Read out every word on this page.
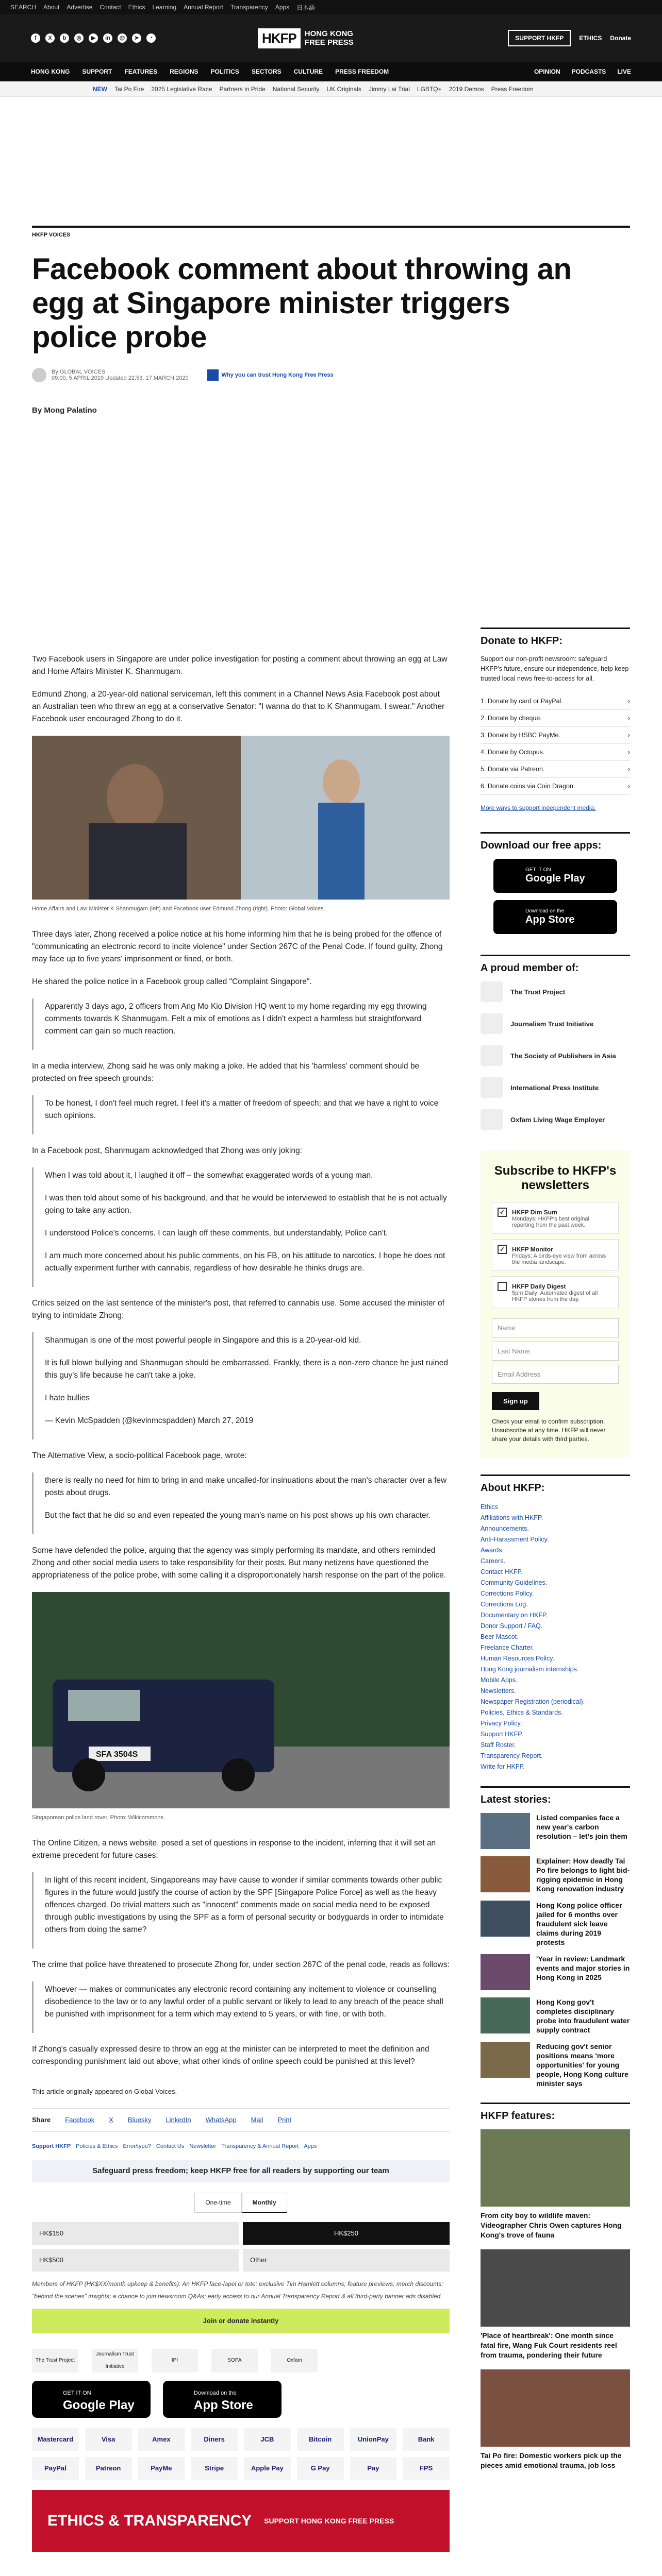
SEARCH About Advertise Contact Ethics Learning Annual Report Transparency Apps 日本語
f	X	b	◎	▶	in	@	➤	◔	HKFP	HONG KONG
FREE PRESS	SUPPORT HKFP	ETHICS Donate
HONG KONG SUPPORT FEATURES REGIONS POLITICS SECTORS CULTURE PRESS FREEDOM	OPINION PODCASTS LIVE
NEW Tai Po Fire 2025 Legislative Race Partners in Pride National Security UK Originals Jimmy Lai Trial LGBTQ+ 2019 Demos Press Freedom
HKFP VOICES
Facebook comment about throwing an egg at Singapore minister triggers police probe
By GLOBAL VOICES
09:00, 5 APRIL 2019 Updated 22:53, 17 MARCH 2020	Why you can trust Hong Kong Free Press
By Mong Palatino

Two Facebook users in Singapore are under police investigation for posting a comment about throwing an egg at Law and Home Affairs Minister K. Shanmugam.

Edmund Zhong, a 20-year-old national serviceman, left this comment in a Channel News Asia Facebook post about an Australian teen who threw an egg at a conservative Senator: "I wanna do that to K Shanmugam. I swear." Another Facebook user encouraged Zhong to do it.

Home Affairs and Law Minister K Shanmugam (left) and Facebook user Edmund Zhong (right). Photo: Global Voices.

Three days later, Zhong received a police notice at his home informing him that he is being probed for the offence of "communicating an electronic record to incite violence" under Section 267C of the Penal Code. If found guilty, Zhong may face up to five years' imprisonment or fined, or both.

He shared the police notice in a Facebook group called "Complaint Singapore".

Apparently 3 days ago, 2 officers from Ang Mo Kio Division HQ went to my home regarding my egg throwing comments towards K Shanmugam. Felt a mix of emotions as I didn't expect a harmless but straightforward comment can gain so much reaction.

In a media interview, Zhong said he was only making a joke. He added that his 'harmless' comment should be protected on free speech grounds:

To be honest, I don't feel much regret. I feel it's a matter of freedom of speech; and that we have a right to voice such opinions.

In a Facebook post, Shanmugam acknowledged that Zhong was only joking:

When I was told about it, I laughed it off – the somewhat exaggerated words of a young man.

I was then told about some of his background, and that he would be interviewed to establish that he is not actually going to take any action.

I understood Police's concerns. I can laugh off these comments, but understandably, Police can't.

I am much more concerned about his public comments, on his FB, on his attitude to narcotics. I hope he does not actually experiment further with cannabis, regardless of how desirable he thinks drugs are.

Critics seized on the last sentence of the minister's post, that referred to cannabis use. Some accused the minister of trying to intimidate Zhong:

Shanmugan is one of the most powerful people in Singapore and this is a 20-year-old kid.

It is full blown bullying and Shanmugan should be embarrassed. Frankly, there is a non-zero chance he just ruined this guy's life because he can't take a joke.

I hate bullies

— Kevin McSpadden (@kevinmcspadden) March 27, 2019

The Alternative View, a socio-political Facebook page, wrote:

there is really no need for him to bring in and make uncalled-for insinuations about the man's character over a few posts about drugs.

But the fact that he did so and even repeated the young man's name on his post shows up his own character.

Some have defended the police, arguing that the agency was simply performing its mandate, and others reminded Zhong and other social media users to take responsibility for their posts. But many netizens have questioned the appropriateness of the police probe, with some calling it a disproportionately harsh response on the part of the police.

SFA 3504S
Singaporean police land rover. Photo: Wikicommons.

The Online Citizen, a news website, posed a set of questions in response to the incident, inferring that it will set an extreme precedent for future cases:

In light of this recent incident, Singaporeans may have cause to wonder if similar comments towards other public figures in the future would justify the course of action by the SPF [Singapore Police Force] as well as the heavy offences charged. Do trivial matters such as "innocent" comments made on social media need to be exposed through public investigations by using the SPF as a form of personal security or bodyguards in order to intimidate others from doing the same?

The crime that police have threatened to prosecute Zhong for, under section 267C of the penal code, reads as follows:

Whoever — makes or communicates any electronic record containing any incitement to violence or counselling disobedience to the law or to any lawful order of a public servant or likely to lead to any breach of the peace shall be punished with imprisonment for a term which may extend to 5 years, or with fine, or with both.

If Zhong's casually expressed desire to throw an egg at the minister can be interpreted to meet the definition and corresponding punishment laid out above, what other kinds of online speech could be punished at this level?

This article originally appeared on Global Voices.

Share Facebook X Bluesky LinkedIn WhatsApp Mail Print
Support HKFP Policies & Ethics Error/typo? Contact Us Newsletter Transparency & Annual Report Apps
Safeguard press freedom; keep HKFP free for all readers by supporting our team
One-time	Monthly
HK$150	HK$250
HK$500	Other
Members of HKFP (HK$XX/month upkeep & benefits): An HKFP face-lapel or tote; exclusive Tim Hamlett columns; feature previews; merch discounts; "behind the scenes" insights; a chance to join newsroom Q&As; early access to our Annual Transparency Report & all third-party banner ads disabled.
Join or donate instantly
The Trust Project
Journalism Trust Initiative
IPI	SOPA	Oxfam
GET IT ON
Google Play
Download on the
App Store
Mastercard	Visa	Amex	Diners	JCB	Bitcoin	UnionPay	Bank
PayPal	Patreon	PayMe	Stripe	Apple Pay	G Pay	Pay	FPS
ETHICS & TRANSPARENCY SUPPORT HONG KONG FREE PRESS
Donate to HKFP:
Support our non-profit newsroom: safeguard HKFP's future, ensure our independence, help keep trusted local news free-to-access for all.
1. Donate by card or PayPal.	›
2. Donate by cheque.	›
3. Donate by HSBC PayMe.	›
4. Donate by Octopus.	›
5. Donate via Patreon.	›
6. Donate coins via Coin Dragon.	›
More ways to support independent media.
Download our free apps:
GET IT ON
Google Play
Download on the
App Store
A proud member of:
The Trust Project
Journalism Trust Initiative
The Society of Publishers in Asia
International Press Institute
Oxfam Living Wage Employer
Subscribe to HKFP's newsletters
✓	HKFP Dim Sum

Mondays: HKFP's best original reporting from the past week.

✓	HKFP Monitor

Fridays: A birds-eye view from across the media landscape.

HKFP Daily Digest

5pm Daily: Automated digest of all HKFP stories from the day.

Name
Last Name
Email Address
Sign up
Check your email to confirm subscription. Unsubscribe at any time. HKFP will never share your details with third parties.
About HKFP:
Ethics
Affiliations with HKFP.
Announcements.
Anti-Harassment Policy.
Awards.
Careers.
Contact HKFP.
Community Guidelines.
Corrections Policy.
Corrections Log.
Documentary on HKFP.
Donor Support / FAQ.
Beer Mascot.
Freelance Charter.
Human Resources Policy.
Hong Kong journalism internships.
Mobile Apps.
Newsletters.
Newspaper Registration (periodical).
Policies, Ethics & Standards.
Privacy Policy.
Support HKFP.
Staff Roster.
Transparency Report.
Write for HKFP.
Latest stories:

Listed companies face a new year's carbon resolution – let's join them

Explainer: How deadly Tai Po fire belongs to light bid-rigging epidemic in Hong Kong renovation industry

Hong Kong police officer jailed for 6 months over fraudulent sick leave claims during 2019 protests

'Year in review: Landmark events and major stories in Hong Kong in 2025

Hong Kong gov't completes disciplinary probe into fraudulent water supply contract

Reducing gov't senior positions means 'more opportunities' for young people, Hong Kong culture minister says

HKFP features:

From city boy to wildlife maven: Videographer Chris Owen captures Hong Kong's trove of fauna

'Place of heartbreak': One month since fatal fire, Wang Fuk Court residents reel from trauma, pondering their future

Tai Po fire: Domestic workers pick up the pieces amid emotional trauma, job loss
